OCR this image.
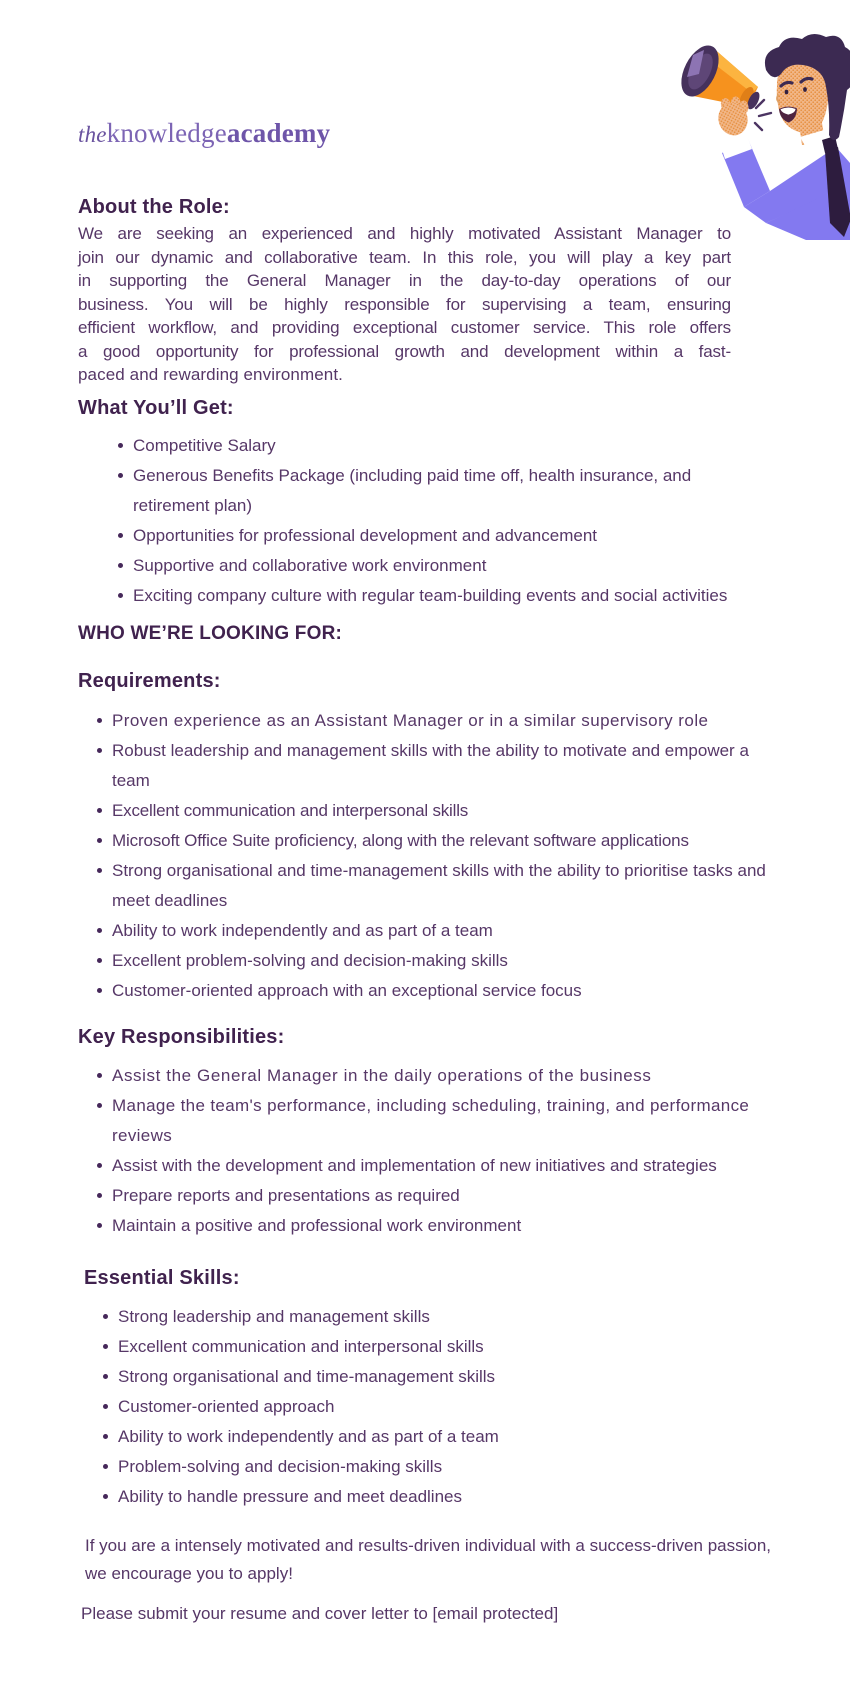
theknowledgeacademy
About the Role:
We are seeking an experienced and highly motivated Assistant Manager to
join our dynamic and collaborative team. In this role, you will play a key part
in supporting the General Manager in the day-to-day operations of our
business. You will be highly responsible for supervising a team, ensuring
efficient workflow, and providing exceptional customer service. This role offers
a good opportunity for professional growth and development within a fast-
paced and rewarding environment.
What You’ll Get:
Competitive Salary
Generous Benefits Package (including paid time off, health insurance, and retirement plan)
Opportunities for professional development and advancement
Supportive and collaborative work environment
Exciting company culture with regular team-building events and social activities
WHO WE’RE LOOKING FOR:
Requirements:
Proven experience as an Assistant Manager or in a similar supervisory role
Robust leadership and management skills with the ability to motivate and empower a team
Excellent communication and interpersonal skills
Microsoft Office Suite proficiency, along with the relevant software applications
Strong organisational and time-management skills with the ability to prioritise tasks and meet deadlines
Ability to work independently and as part of a team
Excellent problem-solving and decision-making skills
Customer-oriented approach with an exceptional service focus
Key Responsibilities:
Assist the General Manager in the daily operations of the business
Manage the team's performance, including scheduling, training, and performance reviews
Assist with the development and implementation of new initiatives and strategies
Prepare reports and presentations as required
Maintain a positive and professional work environment
Essential Skills:
Strong leadership and management skills
Excellent communication and interpersonal skills
Strong organisational and time-management skills
Customer-oriented approach
Ability to work independently and as part of a team
Problem-solving and decision-making skills
Ability to handle pressure and meet deadlines

If you are a intensely motivated and results-driven individual with a success-driven passion, we encourage you to apply!

Please submit your resume and cover letter to [email protected]
